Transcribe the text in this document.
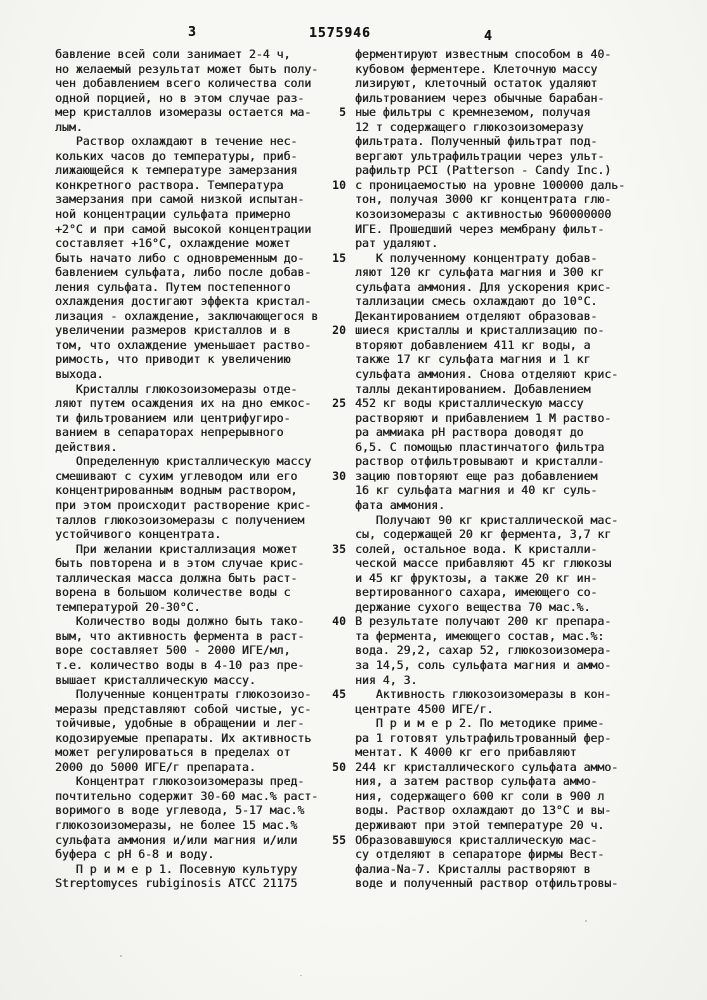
3	1575946	4
бавление всей соли занимает 2-4 ч,
но желаемый результат может быть полу-
чен добавлением всего количества соли
одной порцией, но в этом случае раз-
мер кристаллов изомеразы остается ма-
лым.
Раствор охлаждают в течение нес-
кольких часов до температуры, приб-
лижающейся к температуре замерзания
конкретного раствора. Температура
замерзания при самой низкой испытан-
ной концентрации сульфата примерно
+2°С и при самой высокой концентрации
составляет +16°С, охлаждение может
быть начато либо с одновременным до-
бавлением сульфата, либо после добав-
ления сульфата. Путем постепенного
охлаждения достигают эффекта кристал-
лизация - охлаждение, заключающегося в
увеличении размеров кристаллов и в
том, что охлаждение уменьшает раство-
римость, что приводит к увеличению
выхода.
Кристаллы глюкозоизомеразы отде-
ляют путем осаждения их на дно емкос-
ти фильтрованием или центрифугиро-
ванием в сепараторах непрерывного
действия.
Определенную кристаллическую массу
смешивают с сухим углеводом или его
концентрированным водным раствором,
при этом происходит растворение крис-
таллов глюкозоизомеразы с получением
устойчивого концентрата.
При желании кристаллизация может
быть повторена и в этом случае крис-
таллическая масса должна быть раст-
ворена в большом количестве воды с
температурой 20-30°С.
Количество воды должно быть тако-
вым, что активность фермента в раст-
воре составляет 500 - 2000 ИГЕ/мл,
т.е. количество воды в 4-10 раз пре-
вышает кристаллическую массу.
Полученные концентраты глюкозоизо-
меразы представляют собой чистые, ус-
тойчивые, удобные в обращении и лег-
кодозируемые препараты. Их активность
может регулироваться в пределах от
2000 до 5000 ИГЕ/г препарата.
Концентрат глюкозоизомеразы пред-
почтительно содержит 30-60 мас.% раст-
воримого в воде углевода, 5-17 мас.%
глюкозоизомеразы, не более 15 мас.%
сульфата аммония и/или магния и/или
буфера с рН 6-8 и воду.
П р и м е р 1. Посевную культуру
Streptomyces rubiginosis АТСС 21175
5
10
15
20
25
30
35
40
45
50
55
ферментируют известным способом в 40-
кубовом ферментере. Клеточную массу
лизируют, клеточный остаток удаляют
фильтрованием через обычные барабан-
ные фильтры с кремнеземом, получая
12 т содержащего глюкозоизомеразу
фильтрата. Полученный фильтрат под-
вергают ультрафильтрации через ульт-
рафильтр PCI (Patterson - Candy Inc.)
с проницаемостью на уровне 100000 даль-
тон, получая 3000 кг концентрата глю-
козоизомеразы с активностью 960000000
ИГЕ. Прошедший через мембрану фильт-
рат удаляют.
К полученному концентрату добав-
ляют 120 кг сульфата магния и 300 кг
сульфата аммония. Для ускорения крис-
таллизации смесь охлаждают до 10°С.
Декантированием отделяют образовав-
шиеся кристаллы и кристаллизацию по-
вторяют добавлением 411 кг воды, а
также 17 кг сульфата магния и 1 кг
сульфата аммония. Снова отделяют крис-
таллы декантированием. Добавлением
452 кг воды кристаллическую массу
растворяют и прибавлением 1 М раство-
ра аммиака рН раствора доводят до
6,5. С помощью пластинчатого фильтра
раствор отфильтровывают и кристалли-
зацию повторяют еще раз добавлением
16 кг сульфата магния и 40 кг суль-
фата аммония.
Получают 90 кг кристаллической мас-
сы, содержащей 20 кг фермента, 3,7 кг
солей, остальное вода. К кристалли-
ческой массе прибавляют 45 кг глюкозы
и 45 кг фруктозы, а также 20 кг ин-
вертированного сахара, имеющего со-
держание сухого вещества 70 мас.%.
В результате получают 200 кг препара-
та фермента, имеющего состав, мас.%:
вода. 29,2, сахар 52, глюкозоизомера-
за 14,5, соль сульфата магния и аммо-
ния 4, 3.
Активность глюкозоизомеразы в кон-
центрате 4500 ИГЕ/г.
П р и м е р 2. По методике приме-
ра 1 готовят ультрафильтрованный фер-
ментат. К 4000 кг его прибавляют
244 кг кристаллического сульфата аммо-
ния, а затем раствор сульфата аммо-
ния, содержащего 600 кг соли в 900 л
воды. Раствор охлаждают до 13°С и вы-
держивают при этой температуре 20 ч.
Образовавшуюся кристаллическую мас-
су отделяют в сепараторе фирмы Вест-
фалиа-Nа-7. Кристаллы растворяют в
воде и полученный раствор отфильтровы-
